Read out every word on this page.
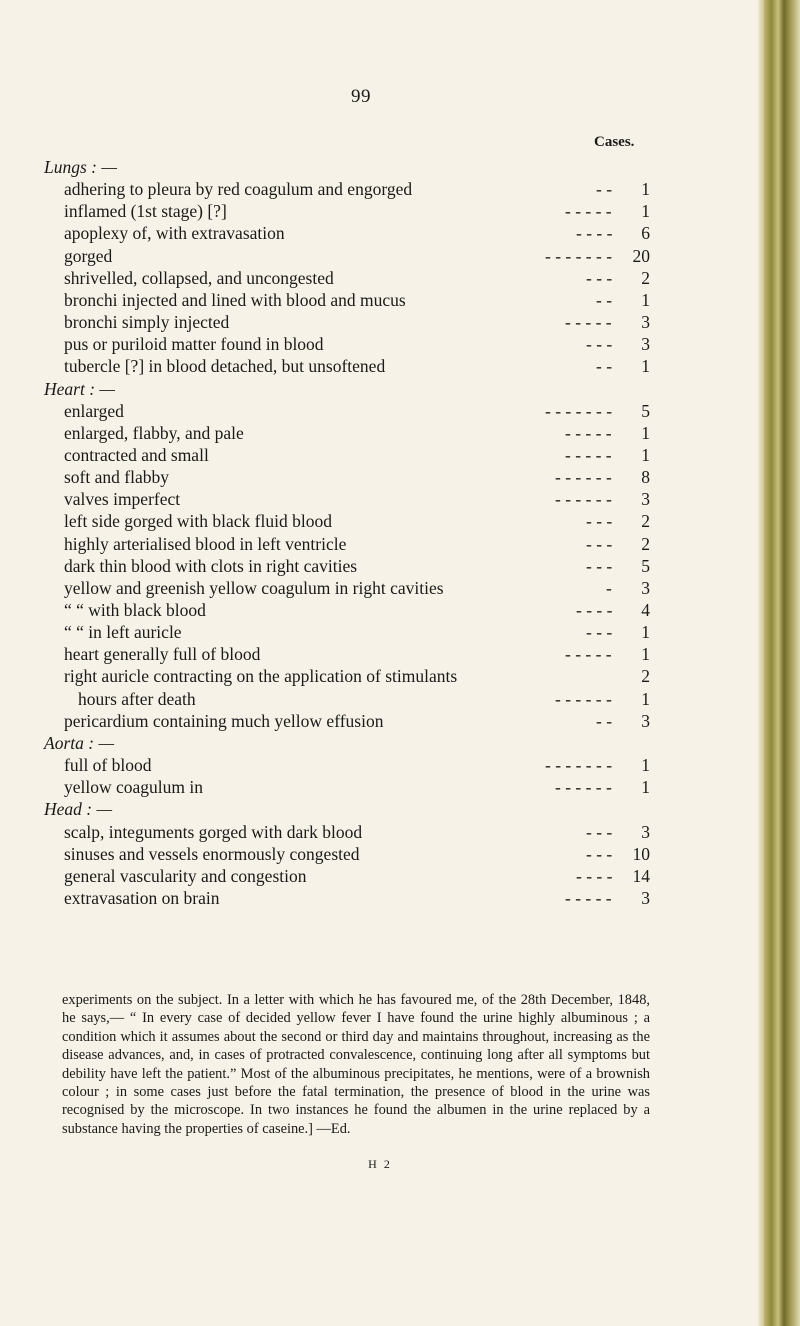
99
Cases.
Lungs : —
adhering to pleura by red coagulum and engorged	- -	1
inflamed (1st stage) [?]	- - - - -	1
apoplexy of, with extravasation	- - - -	6
gorged	- - - - - - -	20
shrivelled, collapsed, and uncongested	- - -	2
bronchi injected and lined with blood and mucus	- -	1
bronchi simply injected	- - - - -	3
pus or puriloid matter found in blood	- - -	3
tubercle [?] in blood detached, but unsoftened	- -	1
Heart : —
enlarged	- - - - - - -	5
enlarged, flabby, and pale	- - - - -	1
contracted and small	- - - - -	1
soft and flabby	- - - - - -	8
valves imperfect	- - - - - -	3
left side gorged with black fluid blood	- - -	2
highly arterialised blood in left ventricle	- - -	2
dark thin blood with clots in right cavities	- - -	5
yellow and greenish yellow coagulum in right cavities	-	3
“ “ with black blood	- - - -	4
“ “ in left auricle	- - -	1
heart generally full of blood	- - - - -	1
right auricle contracting on the application of stimulants	2
hours after death	- - - - - -	1
pericardium containing much yellow effusion	- -	3
Aorta : —
full of blood	- - - - - - -	1
yellow coagulum in	- - - - - -	1
Head : —
scalp, integuments gorged with dark blood	- - -	3
sinuses and vessels enormously congested	- - -	10
general vascularity and congestion	- - - -	14
extravasation on brain	- - - - -	3

experiments on the subject. In a letter with which he has favoured me, of the 28th December, 1848, he says,— “ In every case of decided yellow fever I have found the urine highly albuminous ; a condition which it assumes about the second or third day and maintains throughout, increasing as the disease advances, and, in cases of protracted convalescence, continuing long after all symptoms but debility have left the patient.” Most of the albuminous precipitates, he mentions, were of a brownish colour ; in some cases just before the fatal termination, the presence of blood in the urine was recognised by the microscope. In two instances he found the albumen in the urine replaced by a substance having the properties of caseine.] —Ed.

H 2
